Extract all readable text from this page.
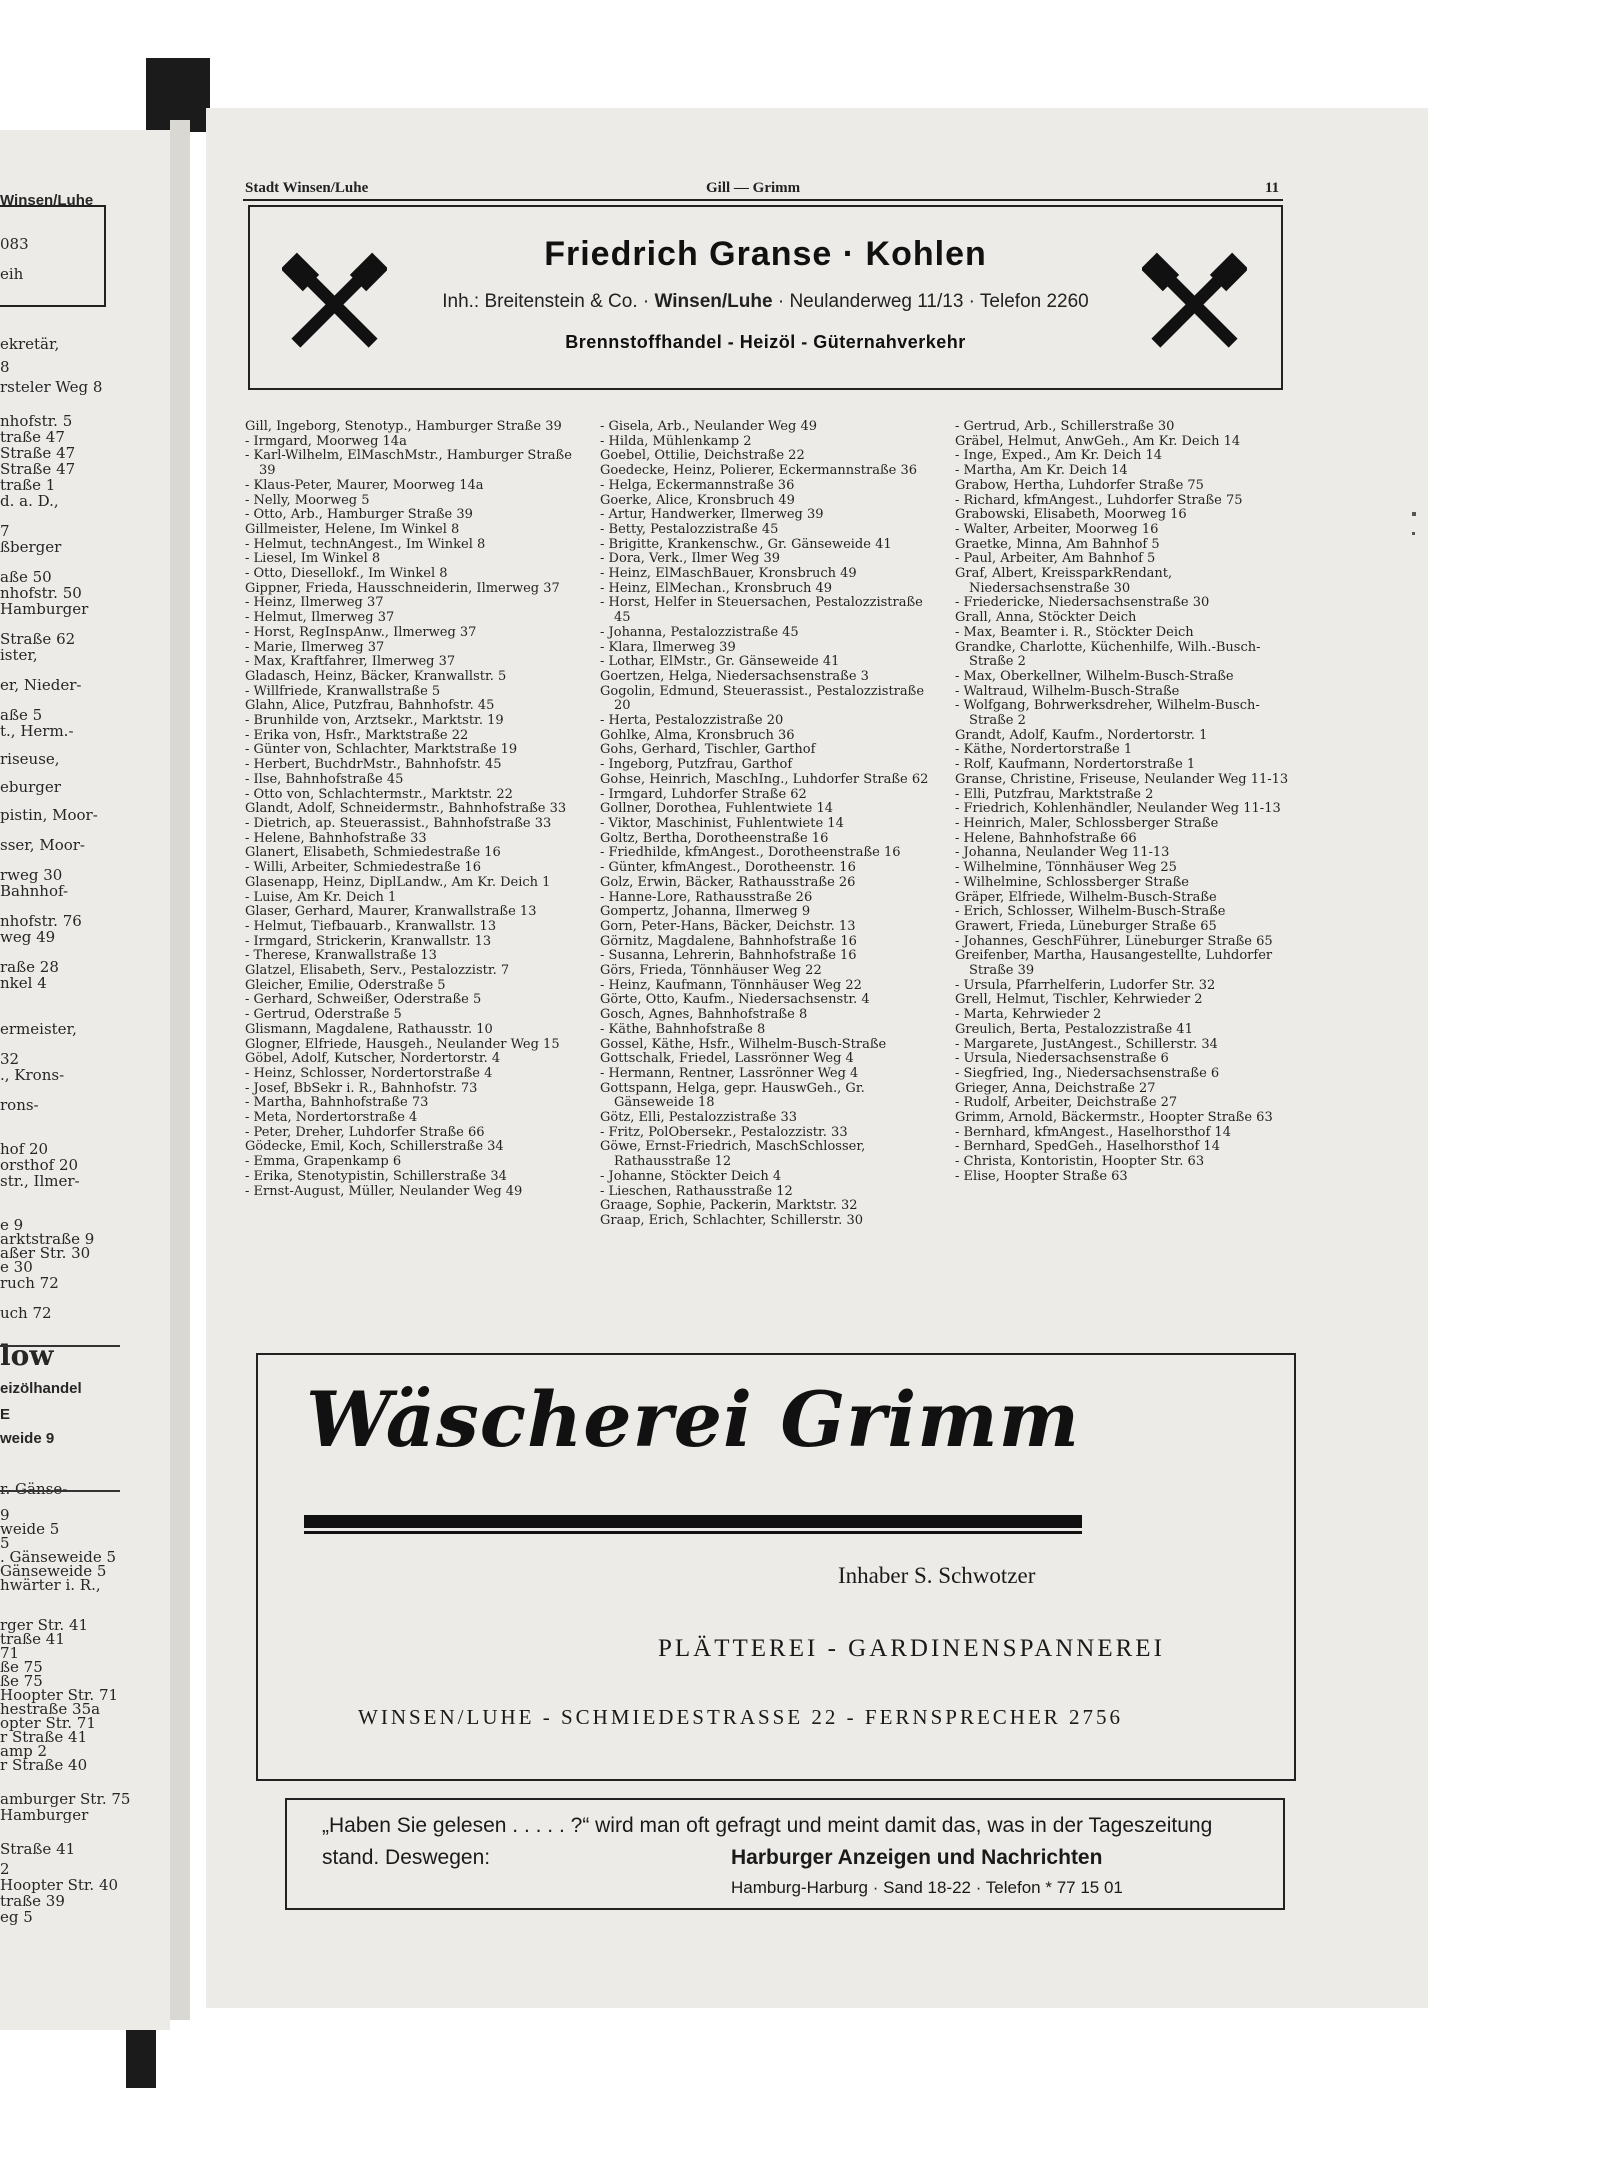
Winsen/Luhe
083
eih
ekretär,
8
rsteler Weg 8
nhofstr. 5
traße 47
Straße 47
Straße 47
traße 1
d. a. D.,
7
ßberger
aße 50
nhofstr. 50
Hamburger
Straße 62
ister,
er, Nieder-
aße 5
t., Herm.-
riseuse,
eburger
pistin, Moor-
sser, Moor-
rweg 30
Bahnhof-
nhofstr. 76
weg 49
raße 28
nkel 4
ermeister,
32
., Krons-
rons-
hof 20
orsthof 20
str., Ilmer-
e 9
arktstraße 9
aßer Str. 30
e 30
ruch 72
uch 72
low
eizölhandel
E
weide 9
r. Gänse-
9
weide 5
5
. Gänseweide 5
Gänseweide 5
hwärter i. R.,
rger Str. 41
traße 41
71
ße 75
ße 75
Hoopter Str. 71
hestraße 35a
opter Str. 71
r Straße 41
amp 2
r Straße 40
amburger Str. 75
Hamburger
Straße 41
2
Hoopter Str. 40
traße 39
eg 5
Stadt Winsen/Luhe	Gill — Grimm	11
Friedrich Granse · Kohlen
Inh.: Breitenstein & Co. · Winsen/Luhe · Neulanderweg 11/13 · Telefon 2260
Brennstoffhandel - Heizöl - Güternahverkehr

Gill, Ingeborg, Stenotyp., Hamburger Straße 39

- Irmgard, Moorweg 14a

- Karl-Wilhelm, ElMaschMstr., Hamburger Straße 39

- Klaus-Peter, Maurer, Moorweg 14a

- Nelly, Moorweg 5

- Otto, Arb., Hamburger Straße 39

Gillmeister, Helene, Im Winkel 8

- Helmut, technAngest., Im Winkel 8

- Liesel, Im Winkel 8

- Otto, Diesellokf., Im Winkel 8

Gippner, Frieda, Hausschneiderin, Ilmerweg 37

- Heinz, Ilmerweg 37

- Helmut, Ilmerweg 37

- Horst, RegInspAnw., Ilmerweg 37

- Marie, Ilmerweg 37

- Max, Kraftfahrer, Ilmerweg 37

Gladasch, Heinz, Bäcker, Kranwallstr. 5

- Willfriede, Kranwallstraße 5

Glahn, Alice, Putzfrau, Bahnhofstr. 45

- Brunhilde von, Arztsekr., Marktstr. 19

- Erika von, Hsfr., Marktstraße 22

- Günter von, Schlachter, Marktstraße 19

- Herbert, BuchdrMstr., Bahnhofstr. 45

- Ilse, Bahnhofstraße 45

- Otto von, Schlachtermstr., Marktstr. 22

Glandt, Adolf, Schneidermstr., Bahnhofstraße 33

- Dietrich, ap. Steuerassist., Bahnhofstraße 33

- Helene, Bahnhofstraße 33

Glanert, Elisabeth, Schmiedestraße 16

- Willi, Arbeiter, Schmiedestraße 16

Glasenapp, Heinz, DiplLandw., Am Kr. Deich 1

- Luise, Am Kr. Deich 1

Glaser, Gerhard, Maurer, Kranwallstraße 13

- Helmut, Tiefbauarb., Kranwallstr. 13

- Irmgard, Strickerin, Kranwallstr. 13

- Therese, Kranwallstraße 13

Glatzel, Elisabeth, Serv., Pestalozzistr. 7

Gleicher, Emilie, Oderstraße 5

- Gerhard, Schweißer, Oderstraße 5

- Gertrud, Oderstraße 5

Glismann, Magdalene, Rathausstr. 10

Glogner, Elfriede, Hausgeh., Neulander Weg 15

Göbel, Adolf, Kutscher, Nordertorstr. 4

- Heinz, Schlosser, Nordertorstraße 4

- Josef, BbSekr i. R., Bahnhofstr. 73

- Martha, Bahnhofstraße 73

- Meta, Nordertorstraße 4

- Peter, Dreher, Luhdorfer Straße 66

Gödecke, Emil, Koch, Schillerstraße 34

- Emma, Grapenkamp 6

- Erika, Stenotypistin, Schillerstraße 34

- Ernst-August, Müller, Neulander Weg 49

- Gisela, Arb., Neulander Weg 49

- Hilda, Mühlenkamp 2

Goebel, Ottilie, Deichstraße 22

Goedecke, Heinz, Polierer, Eckermannstraße 36

- Helga, Eckermannstraße 36

Goerke, Alice, Kronsbruch 49

- Artur, Handwerker, Ilmerweg 39

- Betty, Pestalozzistraße 45

- Brigitte, Krankenschw., Gr. Gänseweide 41

- Dora, Verk., Ilmer Weg 39

- Heinz, ElMaschBauer, Kronsbruch 49

- Heinz, ElMechan., Kronsbruch 49

- Horst, Helfer in Steuersachen, Pestalozzistraße 45

- Johanna, Pestalozzistraße 45

- Klara, Ilmerweg 39

- Lothar, ElMstr., Gr. Gänseweide 41

Goertzen, Helga, Niedersachsenstraße 3

Gogolin, Edmund, Steuerassist., Pestalozzistraße 20

- Herta, Pestalozzistraße 20

Gohlke, Alma, Kronsbruch 36

Gohs, Gerhard, Tischler, Garthof

- Ingeborg, Putzfrau, Garthof

Gohse, Heinrich, MaschIng., Luhdorfer Straße 62

- Irmgard, Luhdorfer Straße 62

Gollner, Dorothea, Fuhlentwiete 14

- Viktor, Maschinist, Fuhlentwiete 14

Goltz, Bertha, Dorotheenstraße 16

- Friedhilde, kfmAngest., Dorotheenstraße 16

- Günter, kfmAngest., Dorotheenstr. 16

Golz, Erwin, Bäcker, Rathausstraße 26

- Hanne-Lore, Rathausstraße 26

Gompertz, Johanna, Ilmerweg 9

Gorn, Peter-Hans, Bäcker, Deichstr. 13

Görnitz, Magdalene, Bahnhofstraße 16

- Susanna, Lehrerin, Bahnhofstraße 16

Görs, Frieda, Tönnhäuser Weg 22

- Heinz, Kaufmann, Tönnhäuser Weg 22

Görte, Otto, Kaufm., Niedersachsenstr. 4

Gosch, Agnes, Bahnhofstraße 8

- Käthe, Bahnhofstraße 8

Gossel, Käthe, Hsfr., Wilhelm-Busch-Straße

Gottschalk, Friedel, Lassrönner Weg 4

- Hermann, Rentner, Lassrönner Weg 4

Gottspann, Helga, gepr. HauswGeh., Gr. Gänseweide 18

Götz, Elli, Pestalozzistraße 33

- Fritz, PolObersekr., Pestalozzistr. 33

Göwe, Ernst-Friedrich, MaschSchlosser, Rathausstraße 12

- Johanne, Stöckter Deich 4

- Lieschen, Rathausstraße 12

Graage, Sophie, Packerin, Marktstr. 32

Graap, Erich, Schlachter, Schillerstr. 30

- Gertrud, Arb., Schillerstraße 30

Gräbel, Helmut, AnwGeh., Am Kr. Deich 14

- Inge, Exped., Am Kr. Deich 14

- Martha, Am Kr. Deich 14

Grabow, Hertha, Luhdorfer Straße 75

- Richard, kfmAngest., Luhdorfer Straße 75

Grabowski, Elisabeth, Moorweg 16

- Walter, Arbeiter, Moorweg 16

Graetke, Minna, Am Bahnhof 5

- Paul, Arbeiter, Am Bahnhof 5

Graf, Albert, KreissparkRendant, Niedersachsenstraße 30

- Friedericke, Niedersachsenstraße 30

Grall, Anna, Stöckter Deich

- Max, Beamter i. R., Stöckter Deich

Grandke, Charlotte, Küchenhilfe, Wilh.-Busch-Straße 2

- Max, Oberkellner, Wilhelm-Busch-Straße

- Waltraud, Wilhelm-Busch-Straße

- Wolfgang, Bohrwerksdreher, Wilhelm-Busch-Straße 2

Grandt, Adolf, Kaufm., Nordertorstr. 1

- Käthe, Nordertorstraße 1

- Rolf, Kaufmann, Nordertorstraße 1

Granse, Christine, Friseuse, Neulander Weg 11-13

- Elli, Putzfrau, Marktstraße 2

- Friedrich, Kohlenhändler, Neulander Weg 11-13

- Heinrich, Maler, Schlossberger Straße

- Helene, Bahnhofstraße 66

- Johanna, Neulander Weg 11-13

- Wilhelmine, Tönnhäuser Weg 25

- Wilhelmine, Schlossberger Straße

Gräper, Elfriede, Wilhelm-Busch-Straße

- Erich, Schlosser, Wilhelm-Busch-Straße

Grawert, Frieda, Lüneburger Straße 65

- Johannes, GeschFührer, Lüneburger Straße 65

Greifenber, Martha, Hausangestellte, Luhdorfer Straße 39

- Ursula, Pfarrhelferin, Ludorfer Str. 32

Grell, Helmut, Tischler, Kehrwieder 2

- Marta, Kehrwieder 2

Greulich, Berta, Pestalozzistraße 41

- Margarete, JustAngest., Schillerstr. 34

- Ursula, Niedersachsenstraße 6

- Siegfried, Ing., Niedersachsenstraße 6

Grieger, Anna, Deichstraße 27

- Rudolf, Arbeiter, Deichstraße 27

Grimm, Arnold, Bäckermstr., Hoopter Straße 63

- Bernhard, kfmAngest., Haselhorsthof 14

- Bernhard, SpedGeh., Haselhorsthof 14

- Christa, Kontoristin, Hoopter Str. 63

- Elise, Hoopter Straße 63

Wäscherei Grimm
Inhaber S. Schwotzer
PLÄTTEREI - GARDINENSPANNEREI
WINSEN/LUHE - SCHMIEDESTRASSE 22 - FERNSPRECHER 2756
„Haben Sie gelesen . . . . . ?“ wird man oft gefragt und meint damit das, was in der Tageszeitung
stand. Deswegen:	Harburger Anzeigen und Nachrichten
Hamburg-Harburg · Sand 18-22 · Telefon * 77 15 01
